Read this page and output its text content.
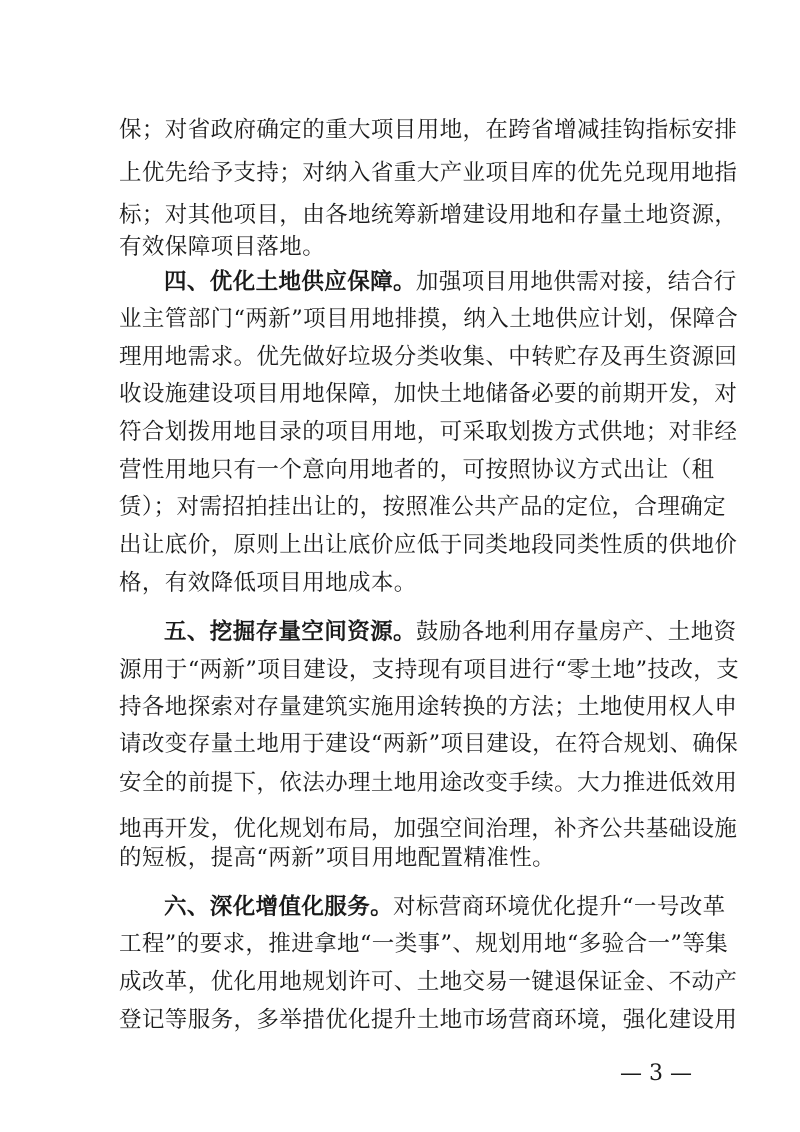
保；对省政府确定的重大项目用地，在跨省增减挂钩指标安排
上优先给予支持；对纳入省重大产业项目库的优先兑现用地指
标；对其他项目，由各地统筹新增建设用地和存量土地资源，
有效保障项目落地。
四、优化土地供应保障。加强项目用地供需对接，结合行
业主管部门“两新”项目用地排摸，纳入土地供应计划，保障合
理用地需求。优先做好垃圾分类收集、中转贮存及再生资源回
收设施建设项目用地保障，加快土地储备必要的前期开发，对
符合划拨用地目录的项目用地，可采取划拨方式供地；对非经
营性用地只有一个意向用地者的，可按照协议方式出让（租
赁）；对需招拍挂出让的，按照准公共产品的定位，合理确定
出让底价，原则上出让底价应低于同类地段同类性质的供地价
格，有效降低项目用地成本。
五、挖掘存量空间资源。鼓励各地利用存量房产、土地资
源用于“两新”项目建设，支持现有项目进行“零土地”技改，支
持各地探索对存量建筑实施用途转换的方法；土地使用权人申
请改变存量土地用于建设“两新”项目建设，在符合规划、确保
安全的前提下，依法办理土地用途改变手续。大力推进低效用
地再开发，优化规划布局，加强空间治理，补齐公共基础设施
的短板，提高“两新”项目用地配置精准性。
六、深化增值化服务。对标营商环境优化提升“一号改革
工程”的要求，推进拿地“一类事”、规划用地“多验合一”等集
成改革，优化用地规划许可、土地交易一键退保证金、不动产
登记等服务，多举措优化提升土地市场营商环境，强化建设用
— 3 —
